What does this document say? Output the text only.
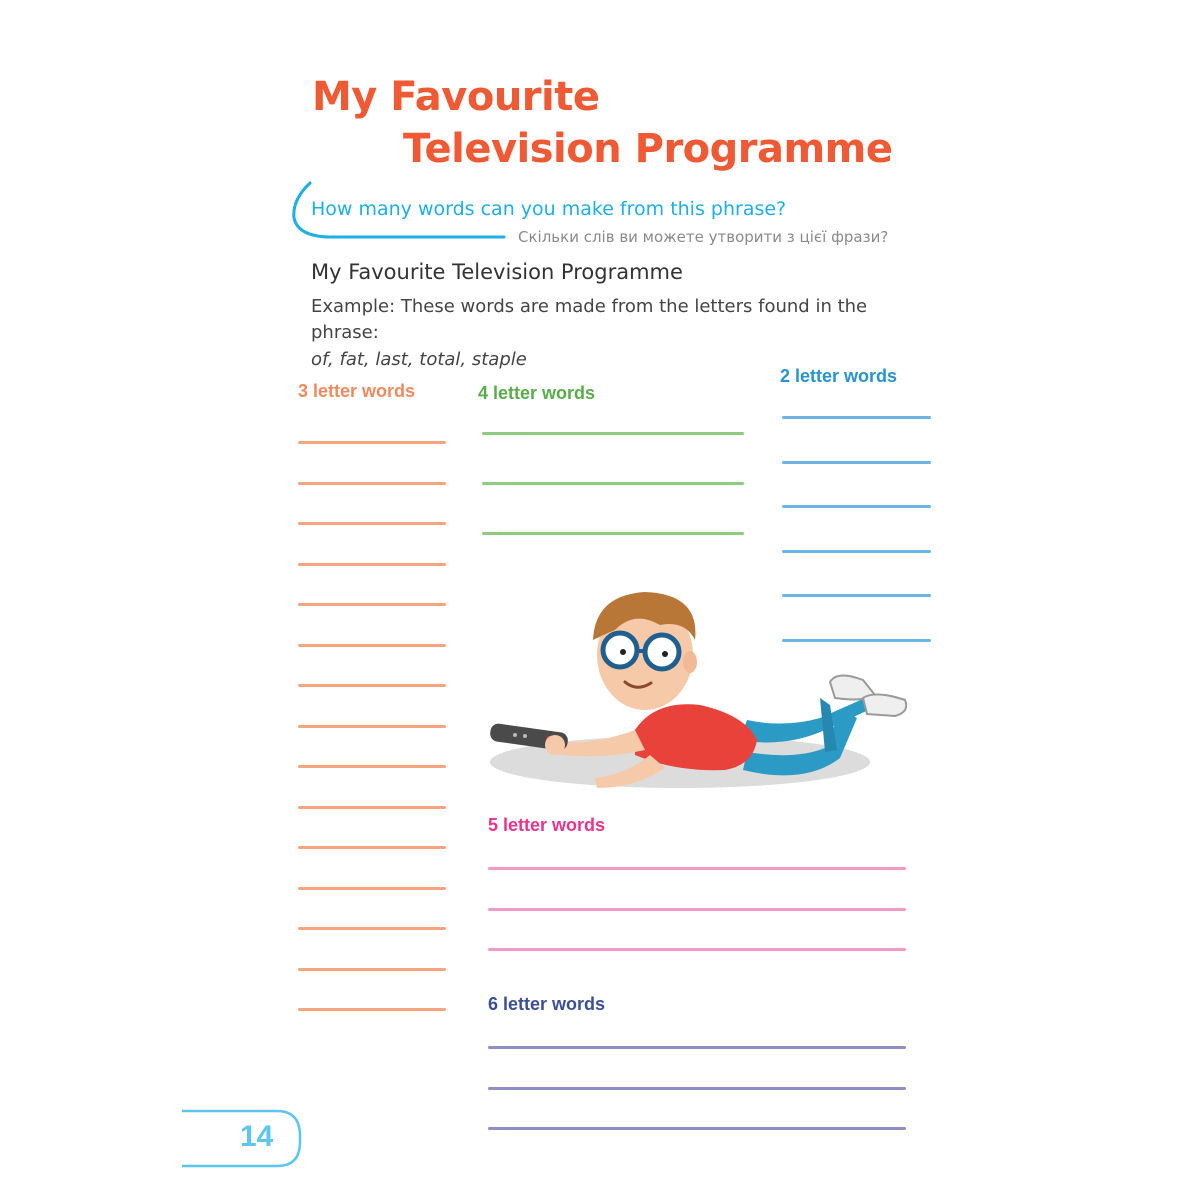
My Favourite
Television Programme
How many words can you make from this phrase?
Скільки слів ви можете утворити з цієї фрази?
My Favourite Television Programme
Example: These words are made from the letters found in the phrase:
of, fat, last, total, staple
3 letter words	4 letter words
2 letter words
5 letter words
6 letter words
14
